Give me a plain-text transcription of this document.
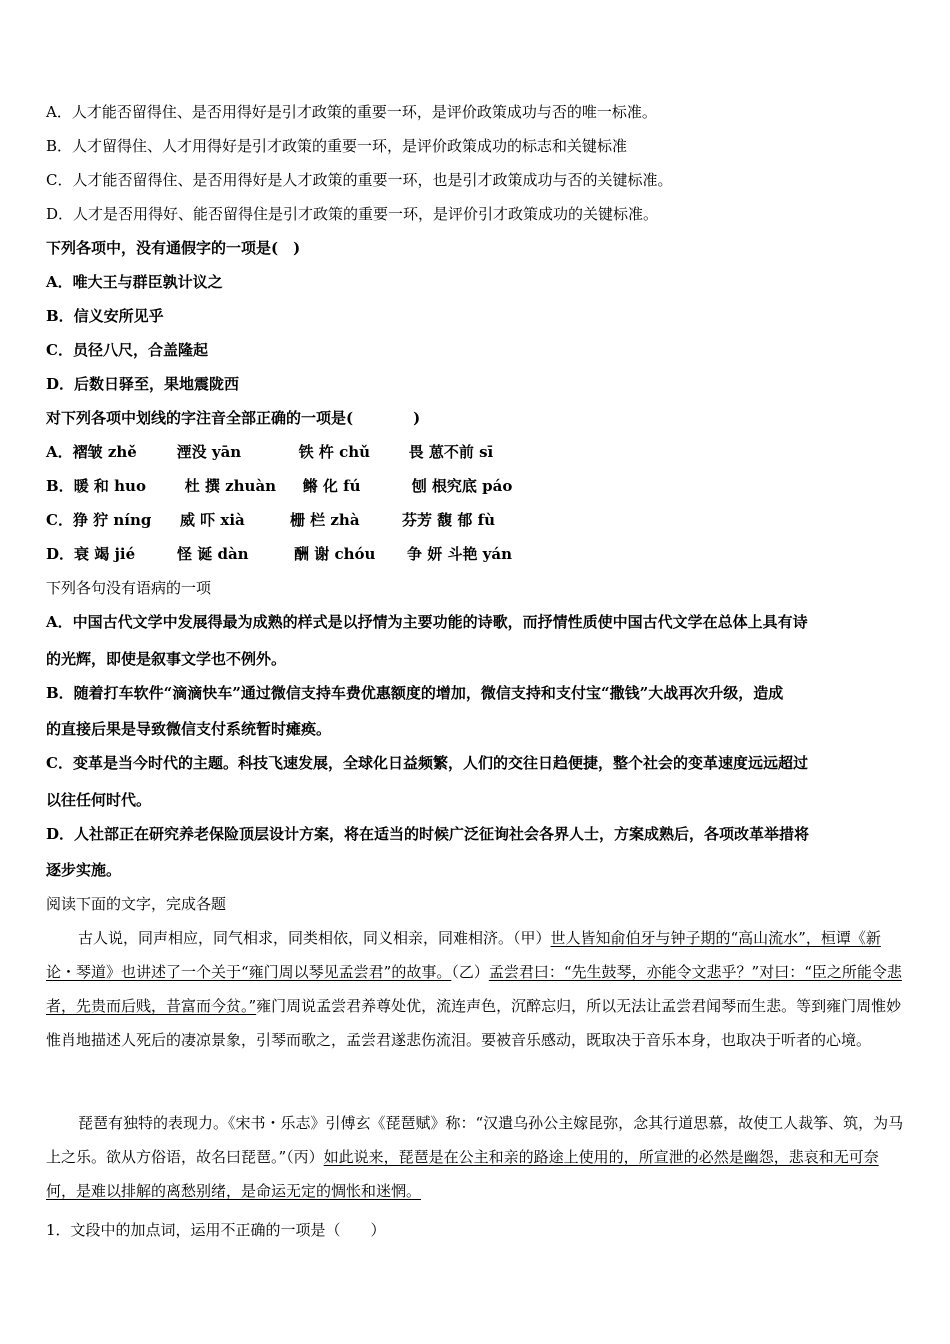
A．人才能否留得住、是否用得好是引才政策的重要一环，是评价政策成功与否的唯一标准。
B．人才留得住、人才用得好是引才政策的重要一环，是评价政策成功的标志和关键标准
C．人才能否留得住、是否用得好是人才政策的重要一环，也是引才政策成功与否的关键标准。
D．人才是否用得好、能否留得住是引才政策的重要一环，是评价引才政策成功的关键标准。
下列各项中，没有通假字的一项是(　)
A．唯大王与群臣孰计议之
B．信义安所见乎
C．员径八尺，合盖隆起
D．后数日驿至，果地震陇西
对下列各项中划线的字注音全部正确的一项是(　　　　)
A．褶皱 zhě	湮没 yān	铁 杵 chǔ	畏 葸不前 sī
B．暖 和 huo	杜 撰 zhuàn 鳉 化 fú	刨 根究底 páo
C．狰 狞 níng 威 吓 xià	栅 栏 zhà	芬芳 馥 郁 fù
D．衰 竭 jié	怪 诞 dàn	酬 谢 chóu 争 妍 斗艳 yán
下列各句没有语病的一项
A．中国古代文学中发展得最为成熟的样式是以抒情为主要功能的诗歌，而抒情性质使中国古代文学在总体上具有诗
的光辉，即使是叙事文学也不例外。
B．随着打车软件“滴滴快车”通过微信支持车费优惠额度的增加，微信支持和支付宝“撒钱”大战再次升级，造成
的直接后果是导致微信支付系统暂时瘫痪。
C．变革是当今时代的主题。科技飞速发展，全球化日益频繁，人们的交往日趋便捷，整个社会的变革速度远远超过
以往任何时代。
D．人社部正在研究养老保险顶层设计方案，将在适当的时候广泛征询社会各界人士，方案成熟后，各项改革举措将
逐步实施。
阅读下面的文字，完成各题
古人说，同声相应，同气相求，同类相依，同义相亲，同难相济。（甲）世人皆知俞伯牙与钟子期的“高山流水”，桓谭《新论・琴道》也讲述了一个关于“雍门周以琴见孟尝君”的故事。（乙）孟尝君曰：“先生鼓琴，亦能令文悲乎？”对曰：“臣之所能令悲者，先贵而后贱，昔富而今贫。”雍门周说孟尝君养尊处优，流连声色，沉醉忘归，所以无法让孟尝君闻琴而生悲。等到雍门周惟妙惟肖地描述人死后的凄凉景象，引琴而歌之，孟尝君遂悲伤流泪。要被音乐感动，既取决于音乐本身，也取决于听者的心境。
琵琶有独特的表现力。《宋书・乐志》引傅玄《琵琶赋》称：“汉遣乌孙公主嫁昆弥，念其行道思慕，故使工人裁筝、筑，为马上之乐。欲从方俗语，故名曰琵琶。”（丙）如此说来，琵琶是在公主和亲的路途上使用的，所宣泄的必然是幽怨，悲哀和无可奈何，是难以排解的离愁别绪，是命运无定的惆怅和迷惘。
1．文段中的加点词，运用不正确的一项是（　　）
